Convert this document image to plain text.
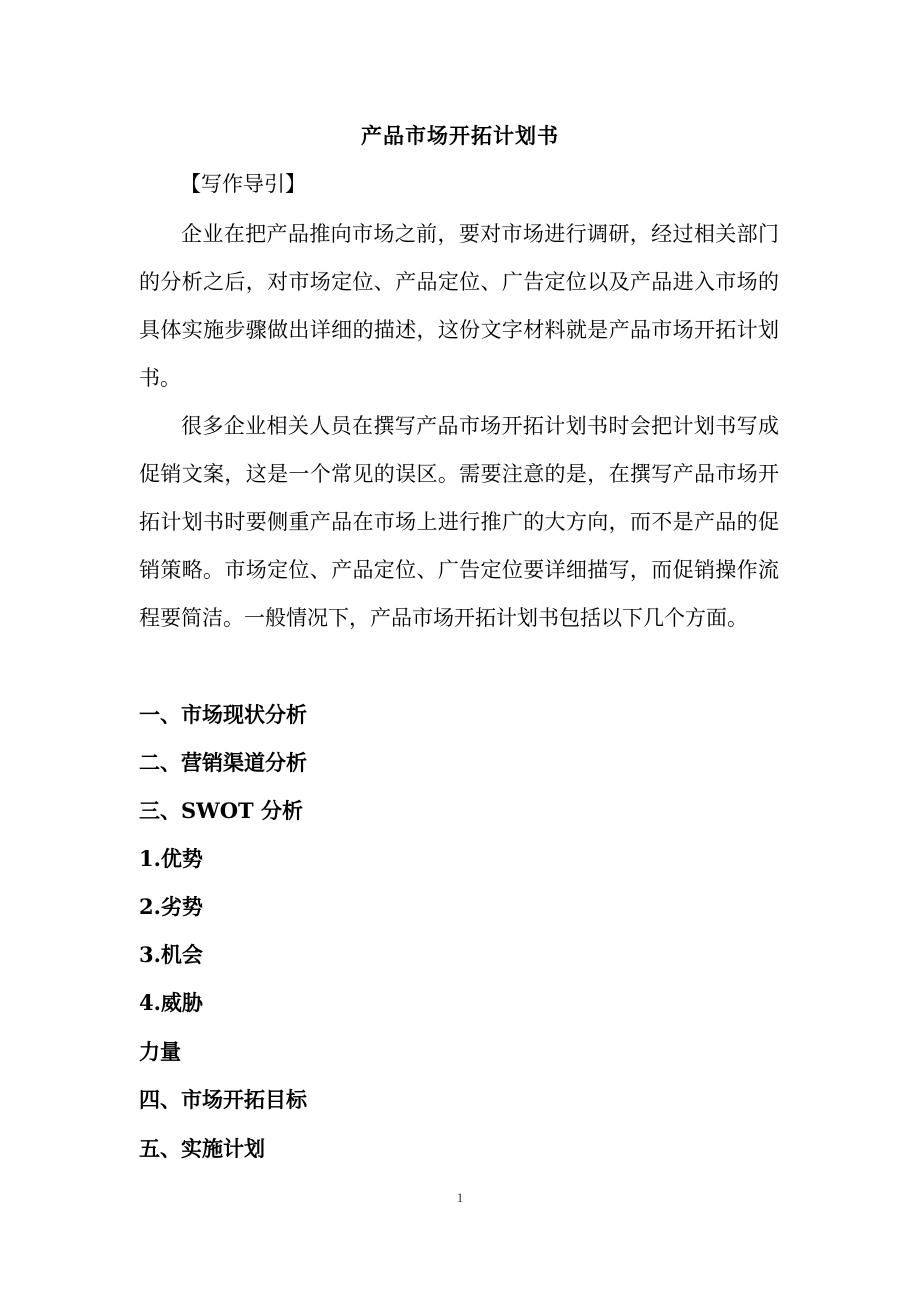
产品市场开拓计划书
【写作导引】
企业在把产品推向市场之前，要对市场进行调研，经过相关部门的分析之后，对市场定位、产品定位、广告定位以及产品进入市场的具体实施步骤做出详细的描述，这份文字材料就是产品市场开拓计划书。
很多企业相关人员在撰写产品市场开拓计划书时会把计划书写成促销文案，这是一个常见的误区。需要注意的是，在撰写产品市场开拓计划书时要侧重产品在市场上进行推广的大方向，而不是产品的促销策略。市场定位、产品定位、广告定位要详细描写，而促销操作流程要简洁。一般情况下，产品市场开拓计划书包括以下几个方面。
一、市场现状分析
二、营销渠道分析
三、SWOT 分析
1.优势
2.劣势
3.机会
4.威胁
力量
四、市场开拓目标
五、实施计划
1
